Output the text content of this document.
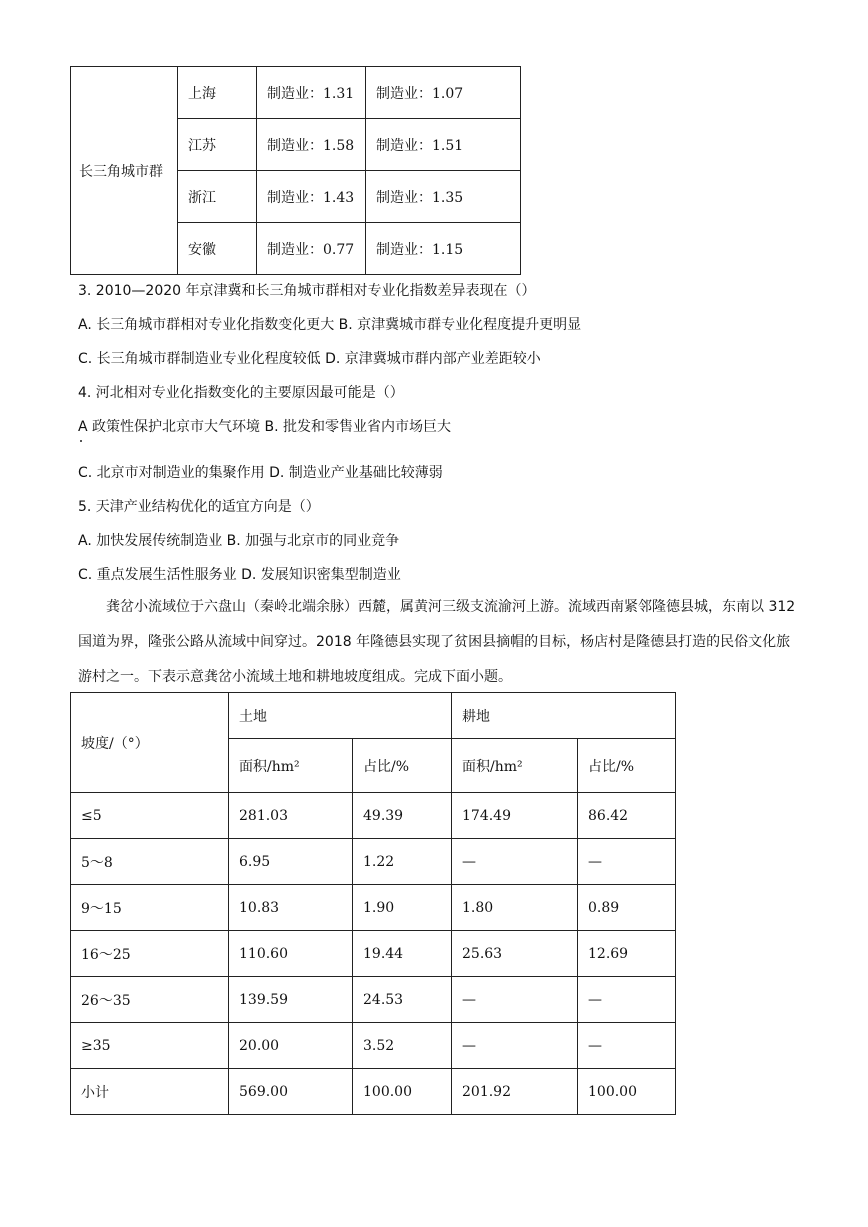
长三角城市群	上海	制造业：1.31	制造业：1.07
	江苏	制造业：1.58	制造业：1.51
	浙江	制造业：1.43	制造业：1.35
	安徽	制造业：0.77	制造业：1.15
3. 2010—2020 年京津冀和长三角城市群相对专业化指数差异表现在（）
A. 长三角城市群相对专业化指数变化更大 B. 京津冀城市群专业化程度提升更明显
C. 长三角城市群制造业专业化程度较低 D. 京津冀城市群内部产业差距较小
4. 河北相对专业化指数变化的主要原因最可能是（）
A 政策性保护北京市大气环境 B. 批发和零售业省内市场巨大
C. 北京市对制造业的集聚作用 D. 制造业产业基础比较薄弱
5. 天津产业结构优化的适宜方向是（）
A. 加快发展传统制造业 B. 加强与北京市的同业竞争
C. 重点发展生活性服务业 D. 发展知识密集型制造业

龚岔小流域位于六盘山（秦岭北端余脉）西麓，属黄河三级支流渝河上游。流域西南紧邻隆德县城，东南以 312 国道为界，隆张公路从流域中间穿过。2018 年隆德县实现了贫困县摘帽的目标，杨店村是隆德县打造的民俗文化旅游村之一。下表示意龚岔小流域土地和耕地坡度组成。完成下面小题。

坡度/（°）	土地		耕地	
	面积/hm²	占比/%	面积/hm²	占比/%
≤5	281.03	49.39	174.49	86.42
5～8	6.95	1.22	—	—
9～15	10.83	1.90	1.80	0.89
16～25	110.60	19.44	25.63	12.69
26～35	139.59	24.53	—	—
≥35	20.00	3.52	—	—
小计	569.00	100.00	201.92	100.00
